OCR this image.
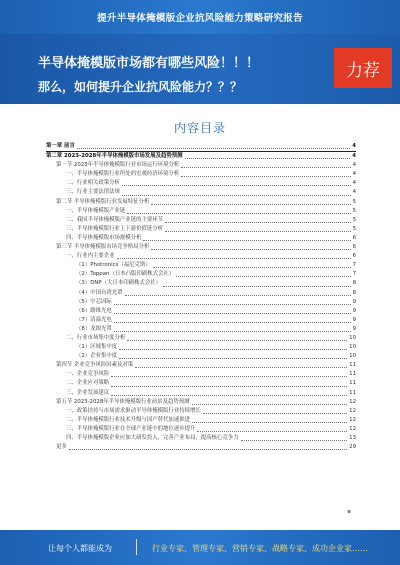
提升半导体掩模版企业抗风险能力策略研究报告
半导体掩模版市场都有哪些风险！！！
那么，如何提升企业抗风险能力？？？
力荐
内容目录
第一章 前言	4
第二章 2023-2028年半导体掩模版市场发展及趋势预测	4
第一节 2023年半导体掩模版行业市场运行环境分析	4
一、半导体掩模版行业所处的宏观经济环境分析	4
二、行业相关政策分析	4
三、行业主要法律法规	4
第二节 半导体掩模版行业发展特征分析	5
一、半导体掩模版产业链	5
二、我国半导体掩模版产业链的主要环节	5
三、半导体掩模版行业上下游价值链分析	5
四、半导体掩模版市场规模分析	6
第三节 半导体掩模版市场竞争格局分析	6
一、行业内主要企业	6
（1）Photronics（福尼克斯）	7
（2）Toppan（日本凸版印刷株式会社）	7
（3）DNP（大日本印刷株式会社）	8
（4）中国台湾光罩	8
（5）中芯国际	9
（6）路维光电	9
（7）清溢光电	9
（8）龙图光罩	9
二、行业市场集中度分析	10
（1）区域集中度	10
（2）企业集中度	10
第四节 企业竞争风险因素及对策	11
一、企业竞争风险	11
二、企业应对策略	11
三、企业发展建议	11
第五节 2023-2028年半导体掩模版行业前景及趋势预测	12
一、政策扶持与市场需求驱动半导体掩模版行业持续增长	12
二、半导体掩模版行业技术升级与国产替代加速推进	12
三、半导体掩模版行业在全球产业链中的地位逐步提升	12
四、半导体掩模版企业应加大研发投入，完善产业布局，提高核心竞争力	13
更多	29
▪
让每个人都能成为	行业专家、管理专家、营销专家、战略专家、成功企业家……
